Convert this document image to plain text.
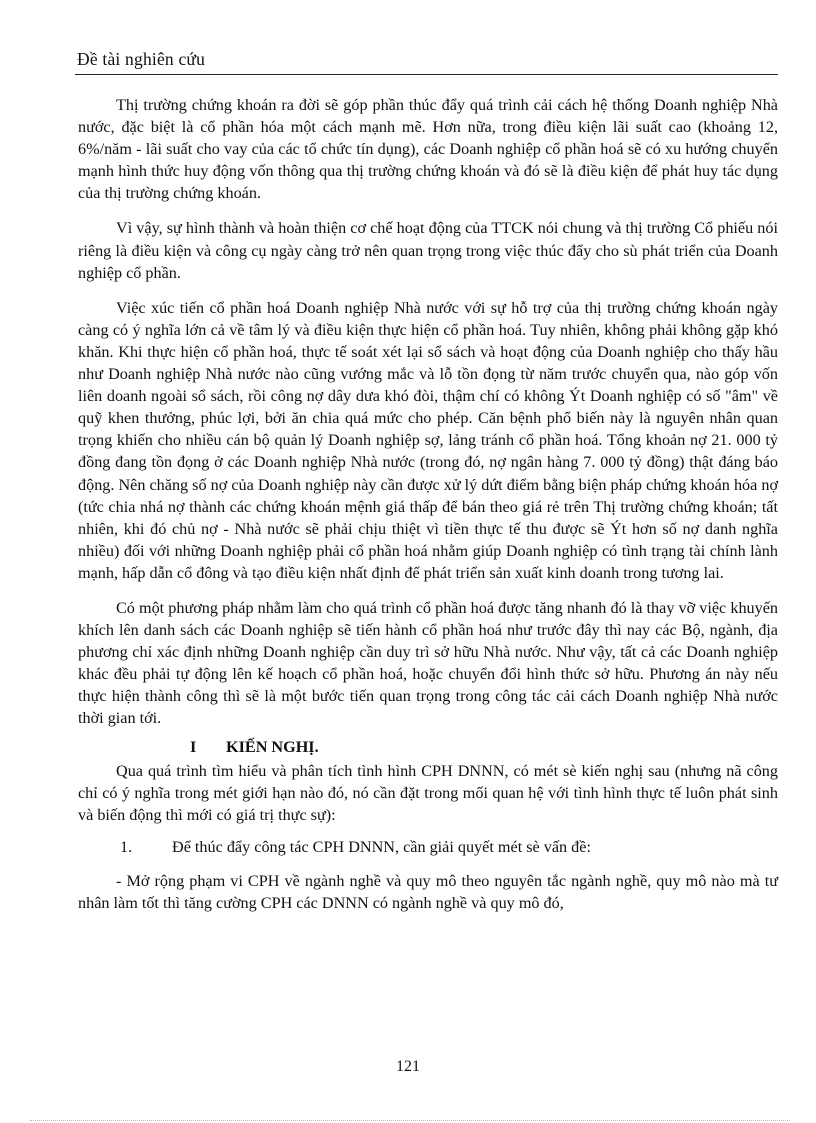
Đề tài nghiên cứu

Thị trường chứng khoán ra đời sẽ góp phần thúc đẩy quá trình cải cách hệ thống Doanh nghiệp Nhà nước, đặc biệt là cổ phần hóa một cách mạnh mẽ. Hơn nữa, trong điều kiện lãi suất cao (khoảng 12, 6%/năm - lãi suất cho vay của các tổ chức tín dụng), các Doanh nghiệp cổ phần hoá sẽ có xu hướng chuyển mạnh hình thức huy động vốn thông qua thị trường chứng khoán và đó sẽ là điều kiện để phát huy tác dụng của thị trường chứng khoán.

Vì vậy, sự hình thành và hoàn thiện cơ chế hoạt động của TTCK nói chung và thị trường Cổ phiếu nói riêng là điều kiện và công cụ ngày càng trở nên quan trọng trong việc thúc đẩy cho sù phát triển của Doanh nghiệp cổ phần.

Việc xúc tiến cổ phần hoá Doanh nghiệp Nhà nước với sự hỗ trợ của thị trường chứng khoán ngày càng có ý nghĩa lớn cả về tâm lý và điều kiện thực hiện cổ phần hoá. Tuy nhiên, không phải không gặp khó khăn. Khi thực hiện cổ phần hoá, thực tế soát xét lại sổ sách và hoạt động của Doanh nghiệp cho thấy hầu như Doanh nghiệp Nhà nước nào cũng vướng mắc và lỗ tồn đọng từ năm trước chuyển qua, nào góp vốn liên doanh ngoài sổ sách, rồi công nợ dây dưa khó đòi, thậm chí có không Ýt Doanh nghiệp có số "âm" về quỹ khen thưởng, phúc lợi, bởi ăn chia quá mức cho phép. Căn bệnh phổ biến này là nguyên nhân quan trọng khiến cho nhiều cán bộ quản lý Doanh nghiệp sợ, lảng tránh cổ phần hoá. Tổng khoản nợ 21. 000 tỷ đồng đang tồn đọng ở các Doanh nghiệp Nhà nước (trong đó, nợ ngân hàng 7. 000 tỷ đồng) thật đáng báo động. Nên chăng số nợ của Doanh nghiệp này cần được xử lý dứt điểm bằng biện pháp chứng khoán hóa nợ (tức chia nhá nợ thành các chứng khoán mệnh giá thấp để bán theo giá rẻ trên Thị trường chứng khoán; tất nhiên, khi đó chủ nợ - Nhà nước sẽ phải chịu thiệt vì tiền thực tế thu được sẽ Ýt hơn số nợ danh nghĩa nhiều) đối với những Doanh nghiệp phải cổ phần hoá nhằm giúp Doanh nghiệp có tình trạng tài chính lành mạnh, hấp dẫn cổ đông và tạo điều kiện nhất định để phát triển sản xuất kinh doanh trong tương lai.

Có một phương pháp nhằm làm cho quá trình cổ phần hoá được tăng nhanh đó là thay vỡ việc khuyến khích lên danh sách các Doanh nghiệp sẽ tiến hành cổ phần hoá như trước đây thì nay các Bộ, ngành, địa phương chỉ xác định những Doanh nghiệp cần duy trì sở hữu Nhà nước. Như vậy, tất cả các Doanh nghiệp khác đều phải tự động lên kế hoạch cổ phần hoá, hoặc chuyển đổi hình thức sở hữu. Phương án này nếu thực hiện thành công thì sẽ là một bước tiến quan trọng trong công tác cải cách Doanh nghiệp Nhà nước thời gian tới.

I KIẾN NGHỊ.

Qua quá trình tìm hiểu và phân tích tình hình CPH DNNN, có mét sè kiến nghị sau (nhưng nã công chỉ có ý nghĩa trong mét giới hạn nào đó, nó cần đặt trong mối quan hệ với tình hình thực tế luôn phát sinh và biến động thì mới có giá trị thực sự):

1. Để thúc đẩy công tác CPH DNNN, cần giải quyết mét sè vấn đề:

- Mở rộng phạm vi CPH về ngành nghề và quy mô theo nguyên tắc ngành nghề, quy mô nào mà tư nhân làm tốt thì tăng cường CPH các DNNN có ngành nghề và quy mô đó,

121
